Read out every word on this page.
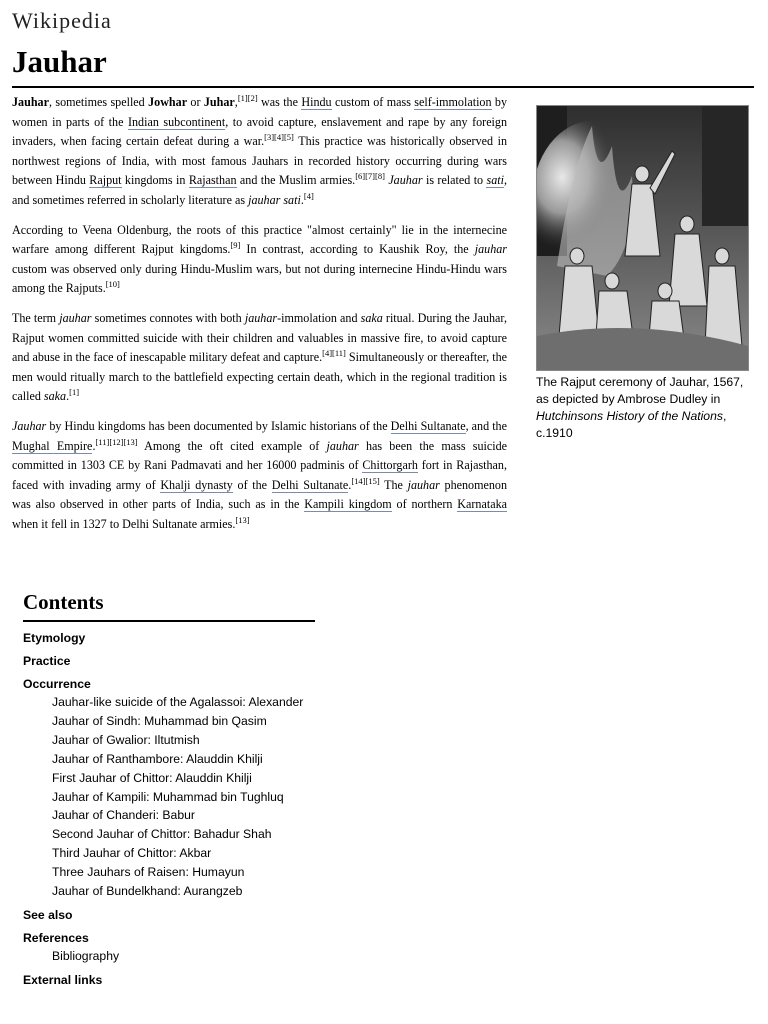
Wikipedia
Jauhar

Jauhar, sometimes spelled Jowhar or Juhar,[1][2] was the Hindu custom of mass self-immolation by women in parts of the Indian subcontinent, to avoid capture, enslavement and rape by any foreign invaders, when facing certain defeat during a war.[3][4][5] This practice was historically observed in northwest regions of India, with most famous Jauhars in recorded history occurring during wars between Hindu Rajput kingdoms in Rajasthan and the Muslim armies.[6][7][8] Jauhar is related to sati, and sometimes referred in scholarly literature as jauhar sati.[4]

According to Veena Oldenburg, the roots of this practice "almost certainly" lie in the internecine warfare among different Rajput kingdoms.[9] In contrast, according to Kaushik Roy, the jauhar custom was observed only during Hindu-Muslim wars, but not during internecine Hindu-Hindu wars among the Rajputs.[10]

The term jauhar sometimes connotes with both jauhar-immolation and saka ritual. During the Jauhar, Rajput women committed suicide with their children and valuables in massive fire, to avoid capture and abuse in the face of inescapable military defeat and capture.[4][11] Simultaneously or thereafter, the men would ritually march to the battlefield expecting certain death, which in the regional tradition is called saka.[1]

Jauhar by Hindu kingdoms has been documented by Islamic historians of the Delhi Sultanate, and the Mughal Empire.[11][12][13] Among the oft cited example of jauhar has been the mass suicide committed in 1303 CE by Rani Padmavati and her 16000 padminis of Chittorgarh fort in Rajasthan, faced with invading army of Khalji dynasty of the Delhi Sultanate.[14][15] The jauhar phenomenon was also observed in other parts of India, such as in the Kampili kingdom of northern Karnataka when it fell in 1327 to Delhi Sultanate armies.[13]

The Rajput ceremony of Jauhar, 1567, as depicted by Ambrose Dudley in Hutchinsons History of the Nations, c.1910
Contents
Etymology
Practice
Occurrence
Jauhar-like suicide of the Agalassoi: Alexander
Jauhar of Sindh: Muhammad bin Qasim
Jauhar of Gwalior: Iltutmish
Jauhar of Ranthambore: Alauddin Khilji
First Jauhar of Chittor: Alauddin Khilji
Jauhar of Kampili: Muhammad bin Tughluq
Jauhar of Chanderi: Babur
Second Jauhar of Chittor: Bahadur Shah
Third Jauhar of Chittor: Akbar
Three Jauhars of Raisen: Humayun
Jauhar of Bundelkhand: Aurangzeb
See also
References
Bibliography
External links
